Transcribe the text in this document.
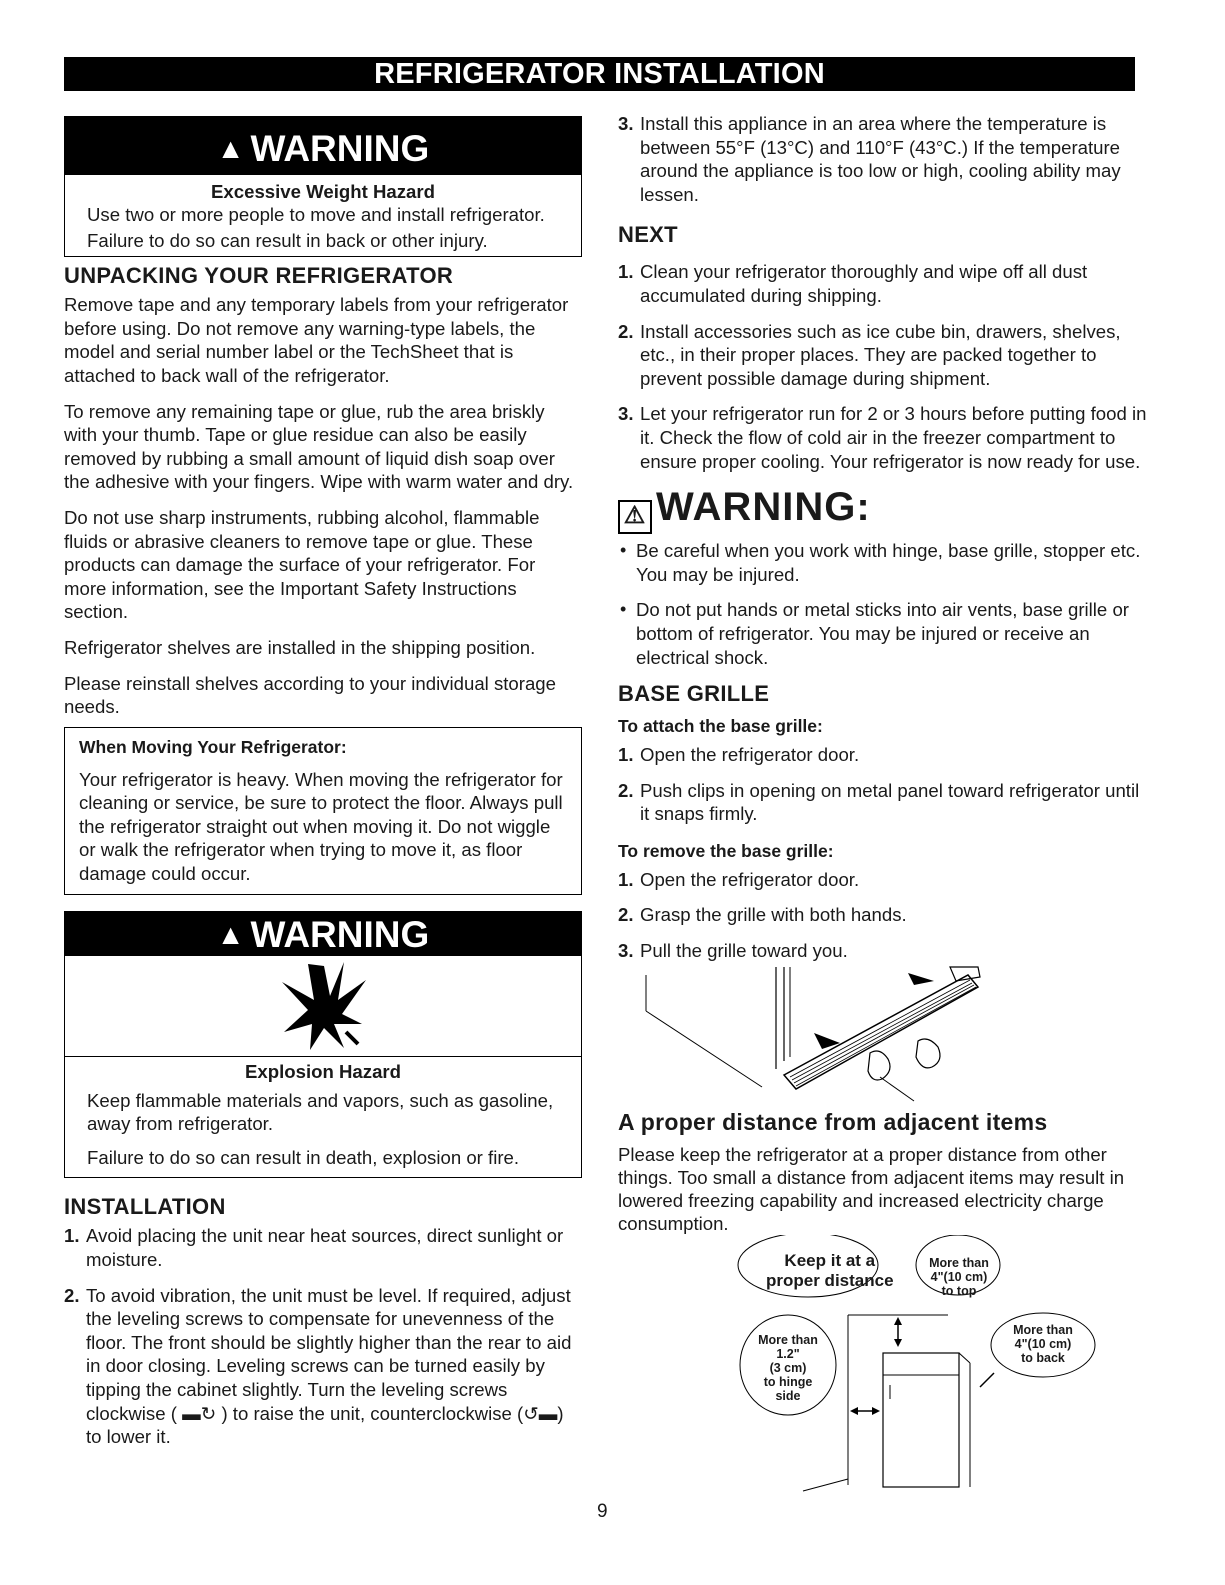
REFRIGERATOR INSTALLATION
▲ WARNING
Excessive Weight Hazard

Use two or more people to move and install refrigerator.

Failure to do so can result in back or other injury.

UNPACKING YOUR REFRIGERATOR

Remove tape and any temporary labels from your refrigerator before using. Do not remove any warning-type labels, the model and serial number label or the TechSheet that is attached to back wall of the refrigerator.

To remove any remaining tape or glue, rub the area briskly with your thumb. Tape or glue residue can also be easily removed by rubbing a small amount of liquid dish soap over the adhesive with your fingers. Wipe with warm water and dry.

Do not use sharp instruments, rubbing alcohol, flammable fluids or abrasive cleaners to remove tape or glue. These products can damage the surface of your refrigerator. For more information, see the Important Safety Instructions section.

Refrigerator shelves are installed in the shipping position.

Please reinstall shelves according to your individual storage needs.

When Moving Your Refrigerator:

Your refrigerator is heavy. When moving the refrigerator for cleaning or service, be sure to protect the floor. Always pull the refrigerator straight out when moving it. Do not wiggle or walk the refrigerator when trying to move it, as floor damage could occur.

▲ WARNING
Explosion Hazard

Keep flammable materials and vapors, such as gasoline, away from refrigerator.

Failure to do so can result in death, explosion or fire.

INSTALLATION
1. Avoid placing the unit near heat sources, direct sunlight or moisture.

2. To avoid vibration, the unit must be level. If required, adjust the leveling screws to compensate for unevenness of the floor. The front should be slightly higher than the rear to aid in door closing. Leveling screws can be turned easily by tipping the cabinet slightly. Turn the leveling screws clockwise ( ▬↻ ) to raise the unit, counterclockwise (↺▬) to lower it.

3. Install this appliance in an area where the temperature is between 55°F (13°C) and 110°F (43°C.) If the temperature around the appliance is too low or high, cooling ability may lessen.

NEXT
1. Clean your refrigerator thoroughly and wipe off all dust accumulated during shipping.

2. Install accessories such as ice cube bin, drawers, shelves, etc., in their proper places. They are packed together to prevent possible damage during shipment.

3. Let your refrigerator run for 2 or 3 hours before putting food in it. Check the flow of cold air in the freezer compartment to ensure proper cooling. Your refrigerator is now ready for use.

⚠ WARNING:
• Be careful when you work with hinge, base grille, stopper etc. You may be injured.

• Do not put hands or metal sticks into air vents, base grille or bottom of refrigerator. You may be injured or receive an electrical shock.

BASE GRILLE
To attach the base grille:
1. Open the refrigerator door.

2. Push clips in opening on metal panel toward refrigerator until it snaps firmly.

To remove the base grille:
1. Open the refrigerator door.

2. Grasp the grille with both hands.

3. Pull the grille toward you.

A proper distance from adjacent items

Please keep the refrigerator at a proper distance from other things. Too small a distance from adjacent items may result in lowered freezing capability and increased electricity charge consumption.

Keep it at a
proper distance
More than
4"(10 cm)
to top
More than
4"(10 cm)
to back
More than
1.2"
(3 cm)
to hinge
side
9
